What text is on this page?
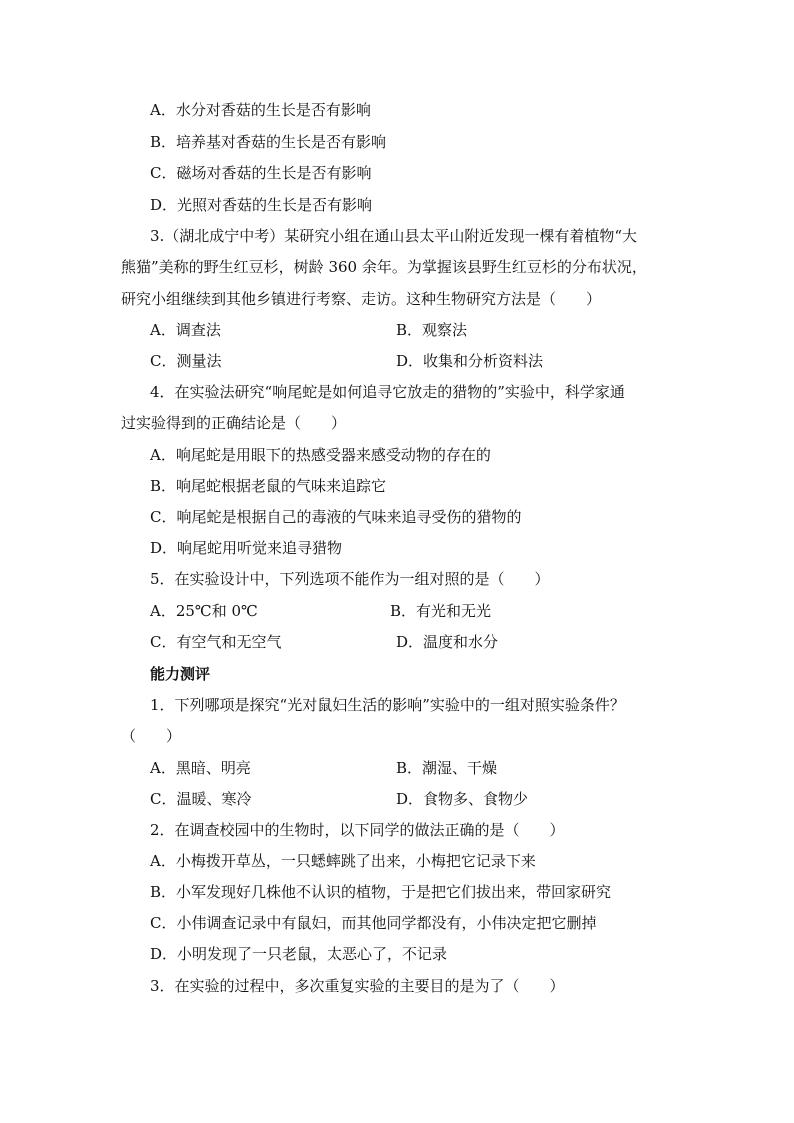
A．水分对香菇的生长是否有影响
B．培养基对香菇的生长是否有影响
C．磁场对香菇的生长是否有影响
D．光照对香菇的生长是否有影响
3.（湖北成宁中考）某研究小组在通山县太平山附近发现一棵有着植物“大
熊猫”美称的野生红豆杉，树龄 360 余年。为掌握该县野生红豆杉的分布状况，
研究小组继续到其他乡镇进行考察、走访。这种生物研究方法是（　　）
A．调查法	B．观察法
C．测量法	D．收集和分析资料法
4．在实验法研究“响尾蛇是如何追寻它放走的猎物的”实验中，科学家通
过实验得到的正确结论是（　　）
A．响尾蛇是用眼下的热感受器来感受动物的存在的
B．响尾蛇根据老鼠的气味来追踪它
C．响尾蛇是根据自己的毒液的气味来追寻受伤的猎物的
D．响尾蛇用听觉来追寻猎物
5．在实验设计中，下列选项不能作为一组对照的是（　　）
A．25℃和 0℃	B．有光和无光
C．有空气和无空气	D．温度和水分
能力测评
1．下列哪项是探究“光对鼠妇生活的影响”实验中的一组对照实验条件？
（　　）
A．黑暗、明亮	B．潮湿、干燥
C．温暖、寒冷	D．食物多、食物少
2．在调查校园中的生物时，以下同学的做法正确的是（　　）
A．小梅拨开草丛，一只蟋蟀跳了出来，小梅把它记录下来
B．小军发现好几株他不认识的植物，于是把它们拔出来，带回家研究
C．小伟调查记录中有鼠妇，而其他同学都没有，小伟决定把它删掉
D．小明发现了一只老鼠，太恶心了，不记录
3．在实验的过程中，多次重复实验的主要目的是为了（　　）
